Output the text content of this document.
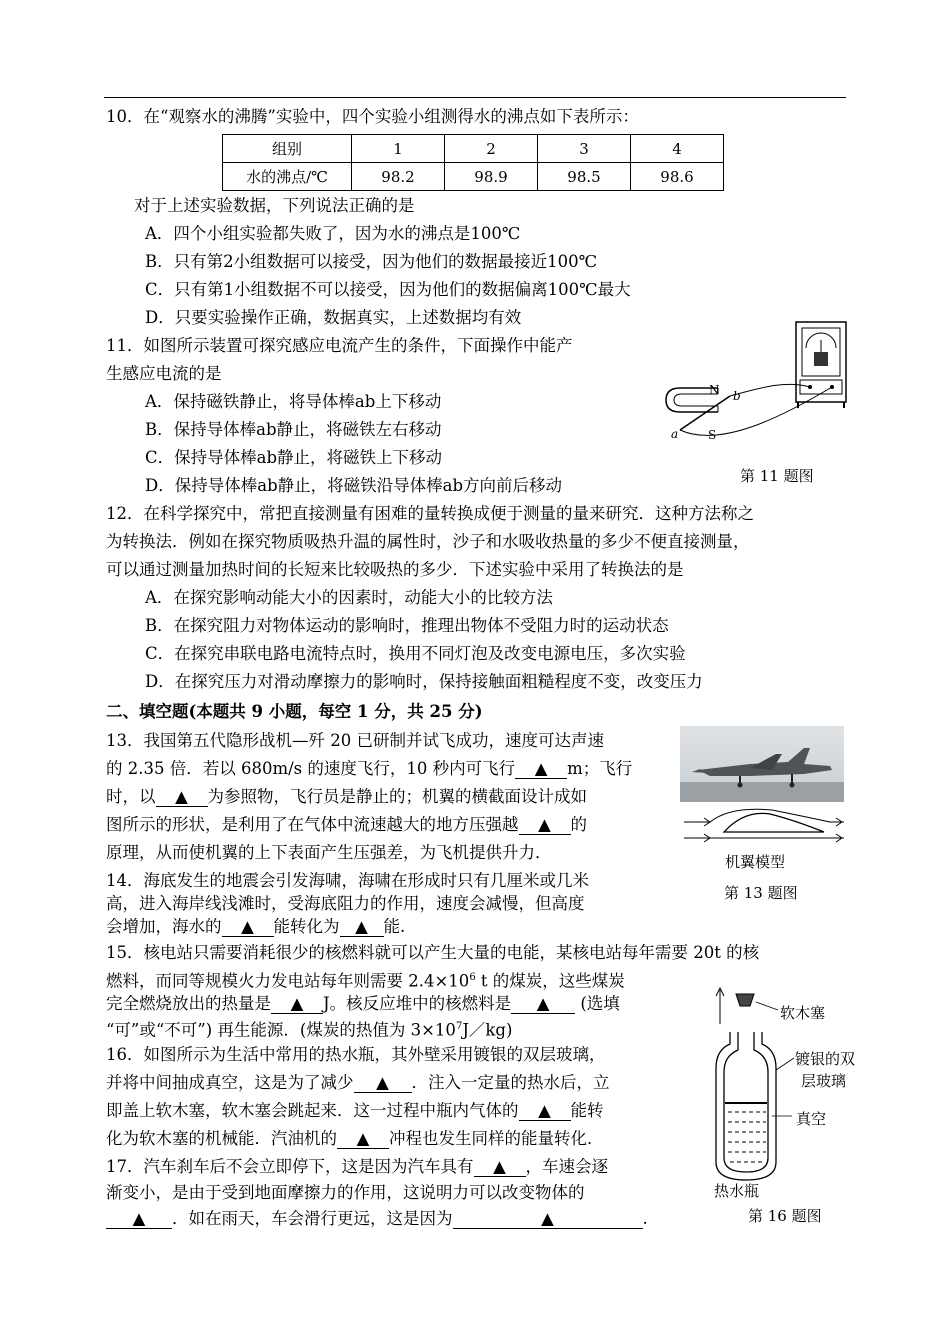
10．在“观察水的沸腾”实验中，四个实验小组测得水的沸点如下表所示：
组别	1	2	3	4
水的沸点/℃	98.2	98.9	98.5	98.6
对于上述实验数据，下列说法正确的是
A．四个小组实验都失败了，因为水的沸点是100℃
B．只有第2小组数据可以接受，因为他们的数据最接近100℃
C．只有第1小组数据不可以接受，因为他们的数据偏离100℃最大
D．只要实验操作正确，数据真实，上述数据均有效
11．如图所示装置可探究感应电流产生的条件，下面操作中能产
生感应电流的是
A．保持磁铁静止，将导体棒ab上下移动
B．保持导体棒ab静止，将磁铁左右移动
C．保持导体棒ab静止，将磁铁上下移动
D．保持导体棒ab静止，将磁铁沿导体棒ab方向前后移动
N
S
a
b
第 11 题图
12．在科学探究中，常把直接测量有困难的量转换成便于测量的量来研究．这种方法称之
为转换法．例如在探究物质吸热升温的属性时，沙子和水吸收热量的多少不便直接测量，
可以通过测量加热时间的长短来比较吸热的多少．下述实验中采用了转换法的是
A．在探究影响动能大小的因素时，动能大小的比较方法
B．在探究阻力对物体运动的影响时，推理出物体不受阻力时的运动状态
C．在探究串联电路电流特点时，换用不同灯泡及改变电源电压，多次实验
D．在探究压力对滑动摩擦力的影响时，保持接触面粗糙程度不变，改变压力
二、填空题(本题共 9 小题，每空 1 分，共 25 分)
13．我国第五代隐形战机—歼 20 已研制并试飞成功，速度可达声速
的 2.35 倍．若以 680m/s 的速度飞行，10 秒内可飞行 ▲ m；飞行
时，以 ▲ 为参照物，飞行员是静止的；机翼的横截面设计成如
图所示的形状，是利用了在气体中流速越大的地方压强越 ▲ 的
原理，从而使机翼的上下表面产生压强差，为飞机提供升力．	机翼模型
第 13 题图
14．海底发生的地震会引发海啸，海啸在形成时只有几厘米或几米
高，进入海岸线浅滩时，受海底阻力的作用，速度会减慢，但高度
会增加，海水的 ▲ 能转化为 ▲ 能.
15．核电站只需要消耗很少的核燃料就可以产生大量的电能，某核电站每年需要 20t 的核
燃料，而同等规模火力发电站每年则需要 $2.4\times 10^6$ t 的煤炭，这些煤炭
完全燃烧放出的热量是 ▲ J。核反应堆中的核燃料是 ▲ (选填
“可”或“不可”) 再生能源．(煤炭的热值为 $3\times 10^7J/kg$)
16．如图所示为生活中常用的热水瓶，其外壁采用镀银的双层玻璃，
并将中间抽成真空，这是为了减少 ▲ ．注入一定量的热水后，立
即盖上软木塞，软木塞会跳起来．这一过程中瓶内气体的 ▲ 能转
化为软木塞的机械能．汽油机的 ▲ 冲程也发生同样的能量转化．
软木塞
镀银的双
层玻璃
真空
热水瓶
第 16 题图
17．汽车刹车后不会立即停下，这是因为汽车具有 ▲ ，车速会逐
渐变小，是由于受到地面摩擦力的作用，这说明力可以改变物体的
▲ ．如在雨天，车会滑行更远，这是因为	▲	.
